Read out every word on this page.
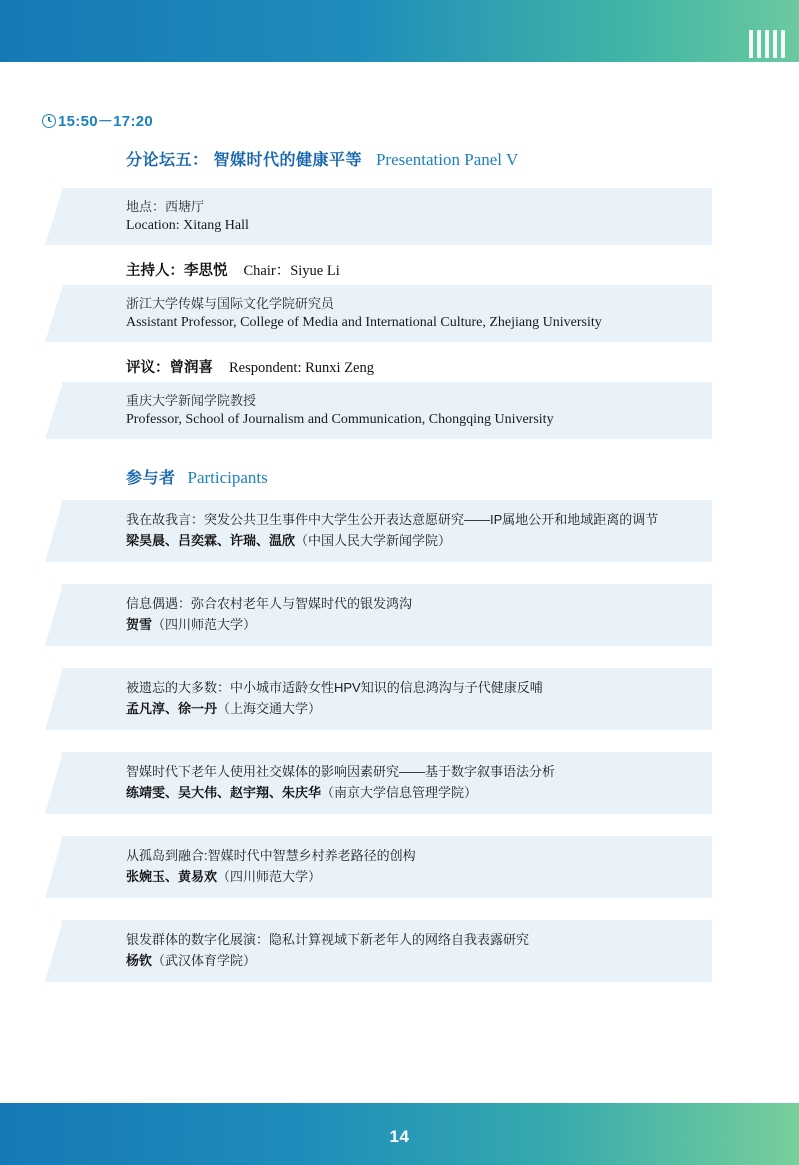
15:50－17:20
分论坛五： 智媒时代的健康平等 Presentation Panel V
地点：西塘厅
Location: Xitang Hall
主持人：李思悦 Chair：Siyue Li
浙江大学传媒与国际文化学院研究员
Assistant Professor, College of Media and International Culture, Zhejiang University
评议：曾润喜 Respondent: Runxi Zeng
重庆大学新闻学院教授
Professor, School of Journalism and Communication, Chongqing University
参与者 Participants
我在故我言：突发公共卫生事件中大学生公开表达意愿研究——IP属地公开和地域距离的调节
梁昊晨、吕奕霖、许瑞、温欣（中国人民大学新闻学院）
信息偶遇：弥合农村老年人与智媒时代的银发鸿沟
贺雪（四川师范大学）
被遗忘的大多数：中小城市适龄女性HPV知识的信息鸿沟与子代健康反哺
孟凡淳、徐一丹（上海交通大学）
智媒时代下老年人使用社交媒体的影响因素研究——基于数字叙事语法分析
练靖雯、吴大伟、赵宇翔、朱庆华（南京大学信息管理学院）
从孤岛到融合:智媒时代中智慧乡村养老路径的创构
张婉玉、黄易欢（四川师范大学）
银发群体的数字化展演：隐私计算视域下新老年人的网络自我表露研究
杨钦（武汉体育学院）
14
